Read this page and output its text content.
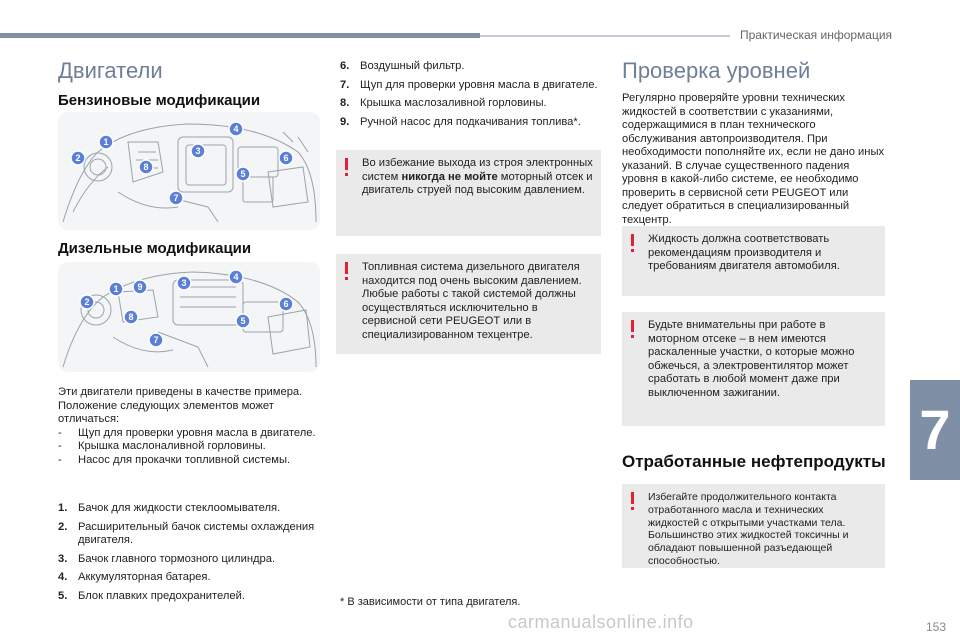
Практическая информация
Двигатели
Бензиновые модификации
1
2
3
4
5
6
7
8
Дизельные модификации
1
2
3
4
5
6
7
8
9
Эти двигатели приведены в качестве примера. Положение следующих элементов может отличаться:
-	Щуп для проверки уровня масла в двигателе.
-	Крышка маслоналивной горловины.
-	Насос для прокачки топливной системы.
1. Бачок для жидкости стеклоомывателя.
2. Расширительный бачок системы охлаждения двигателя.
3. Бачок главного тормозного цилиндра.
4. Аккумуляторная батарея.
5. Блок плавких предохранителей.
6. Воздушный фильтр.
7. Щуп для проверки уровня масла в двигателе.
8. Крышка маслозаливной горловины.
9. Ручной насос для подкачивания топлива*.
Во избежание выхода из строя электронных систем никогда не мойте моторный отсек и двигатель струей под высоким давлением.
Топливная система дизельного двигателя находится под очень высоким давлением. Любые работы с такой системой должны осуществляться исключительно в сервисной сети PEUGEOT или в специализированном техцентре.
* В зависимости от типа двигателя.
Проверка уровней
Регулярно проверяйте уровни технических жидкостей в соответствии с указаниями, содержащимися в план технического обслуживания автопроизводителя. При необходимости пополняйте их, если не дано иных указаний. В случае существенного падения уровня в какой-либо системе, ее необходимо проверить в сервисной сети PEUGEOT или следует обратиться в специализированный техцентр.
Жидкость должна соответствовать рекомендациям производителя и требованиям двигателя автомобиля.
Будьте внимательны при работе в моторном отсеке – в нем имеются раскаленные участки, о которые можно обжечься, а электровентилятор может сработать в любой момент даже при выключенном зажигании.
Отработанные нефтепродукты
Избегайте продолжительного контакта отработанного масла и технических жидкостей с открытыми участками тела. Большинство этих жидкостей токсичны и обладают повышенной разъедающей способностью.
7
carmanualsonline.info	153
